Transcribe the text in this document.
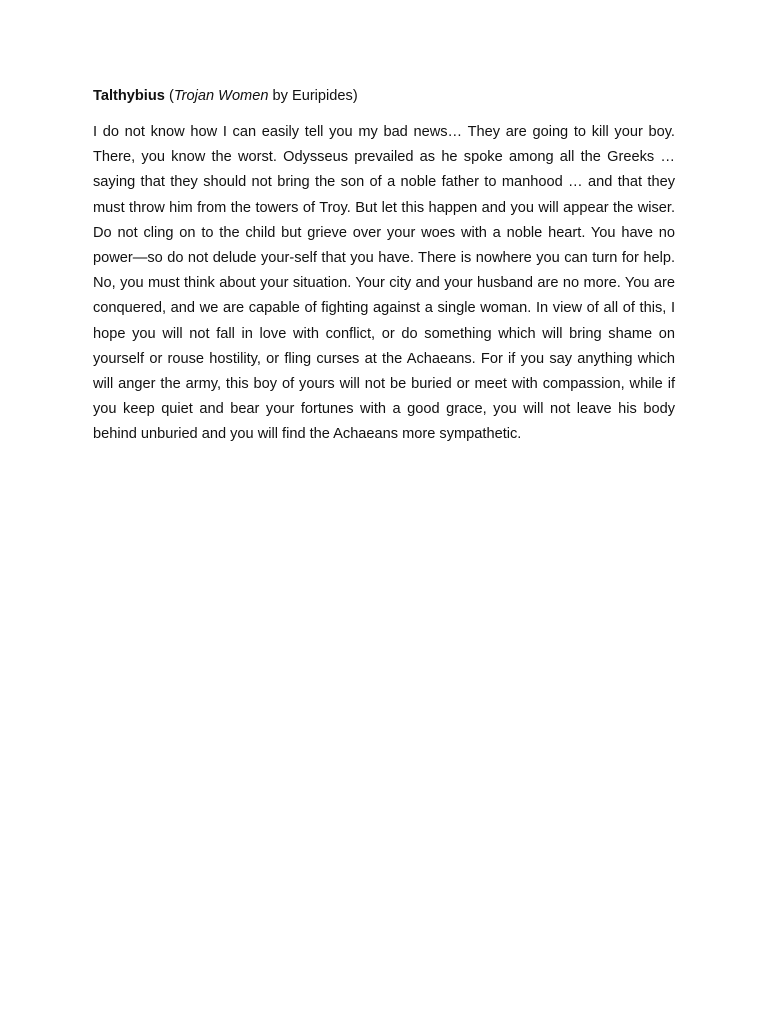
Talthybius (Trojan Women by Euripides)

I do not know how I can easily tell you my bad news… They are going to kill your boy. There, you know the worst. Odysseus prevailed as he spoke among all the Greeks … saying that they should not bring the son of a noble father to manhood … and that they must throw him from the towers of Troy. But let this happen and you will appear the wiser. Do not cling on to the child but grieve over your woes with a noble heart. You have no power—so do not delude your-self that you have. There is nowhere you can turn for help. No, you must think about your situation. Your city and your husband are no more. You are conquered, and we are capable of fighting against a single woman. In view of all of this, I hope you will not fall in love with conflict, or do something which will bring shame on yourself or rouse hostility, or fling curses at the Achaeans. For if you say anything which will anger the army, this boy of yours will not be buried or meet with compassion, while if you keep quiet and bear your fortunes with a good grace, you will not leave his body behind unburied and you will find the Achaeans more sympathetic.
